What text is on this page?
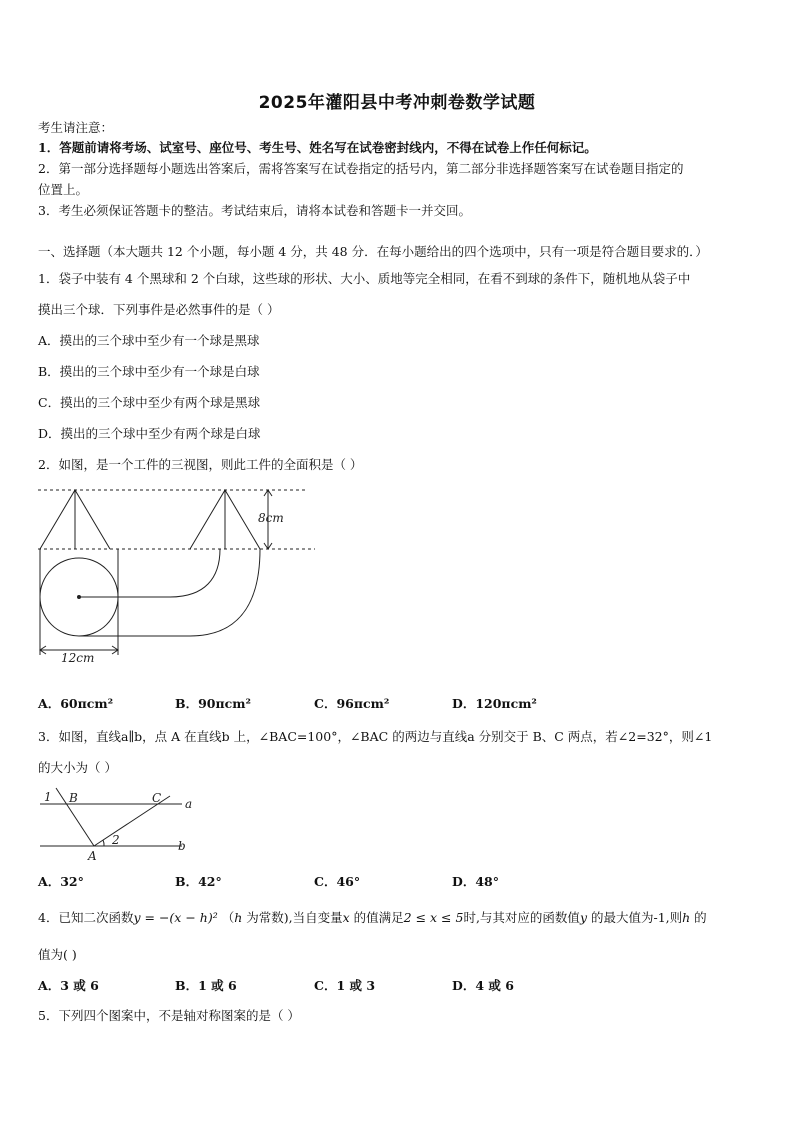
2025年灌阳县中考冲刺卷数学试题
考生请注意：
1．答题前请将考场、试室号、座位号、考生号、姓名写在试卷密封线内，不得在试卷上作任何标记。
2．第一部分选择题每小题选出答案后，需将答案写在试卷指定的括号内，第二部分非选择题答案写在试卷题目指定的
位置上。
3．考生必须保证答题卡的整洁。考试结束后，请将本试卷和答题卡一并交回。
一、选择题（本大题共 12 个小题，每小题 4 分，共 48 分．在每小题给出的四个选项中，只有一项是符合题目要求的．）
1．袋子中装有 4 个黑球和 2 个白球，这些球的形状、大小、质地等完全相同，在看不到球的条件下，随机地从袋子中
摸出三个球．下列事件是必然事件的是（ ）
A．摸出的三个球中至少有一个球是黑球
B．摸出的三个球中至少有一个球是白球
C．摸出的三个球中至少有两个球是黑球
D．摸出的三个球中至少有两个球是白球
2．如图，是一个工件的三视图，则此工件的全面积是（ ）
8cm
12cm
A．60πcm²	B．90πcm²	C．96πcm²	D．120πcm²
3．如图，直线a∥b，点 A 在直线b 上，∠BAC=100°，∠BAC 的两边与直线a 分别交于 B、C 两点，若∠2=32°，则∠1
的大小为（ ）
1 B	C a
A
2	b
A．32°	B．42°	C．46°	D．48°
4．已知二次函数y = −(x − h)² （h 为常数),当自变量x 的值满足2 ≤ x ≤ 5时,与其对应的函数值y 的最大值为-1,则h 的
值为( )
A．3 或 6	B．1 或 6	C．1 或 3	D．4 或 6
5．下列四个图案中，不是轴对称图案的是（ ）
